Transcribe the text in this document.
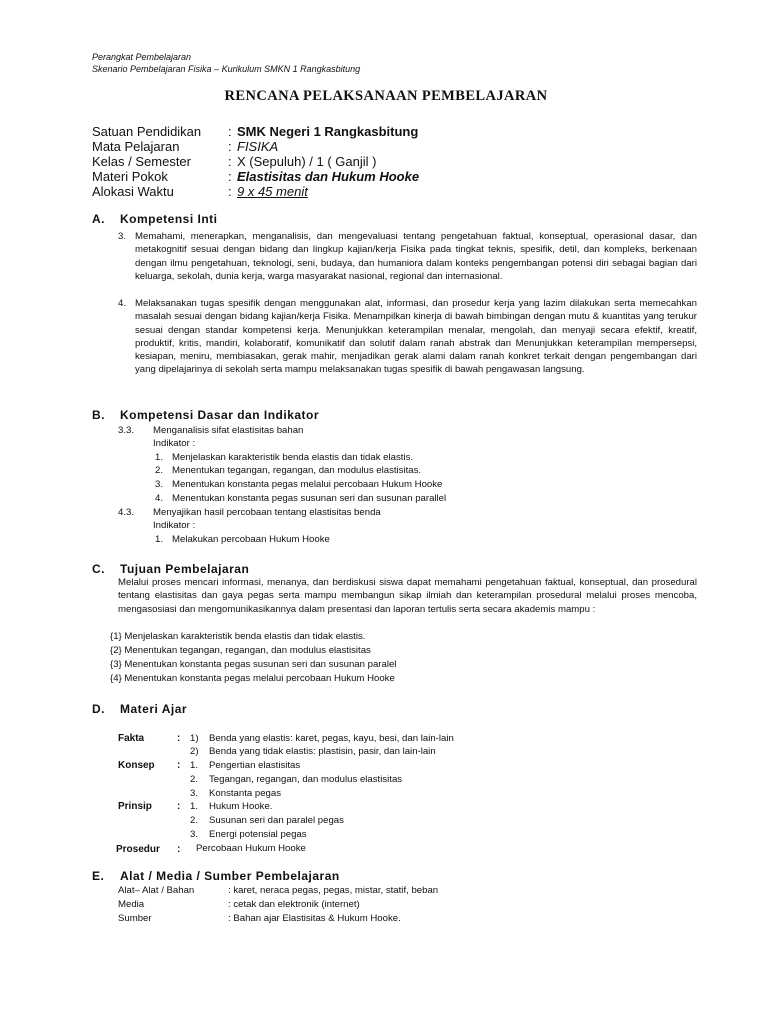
Perangkat Pembelajaran
Skenario Pembelajaran Fisika – Kurikulum SMKN 1 Rangkasbitung
RENCANA PELAKSANAAN PEMBELAJARAN
Satuan Pendidikan	: SMK Negeri 1 Rangkasbitung
Mata Pelajaran	: FISIKA
Kelas / Semester	: X (Sepuluh) / 1 ( Ganjil )
Materi Pokok	: Elastisitas dan Hukum Hooke
Alokasi Waktu	: 9 x 45 menit
A. Kompetensi Inti
3. Memahami, menerapkan, menganalisis, dan mengevaluasi tentang pengetahuan faktual, konseptual, operasional dasar, dan metakognitif sesuai dengan bidang dan lingkup kajian/kerja Fisika pada tingkat teknis, spesifik, detil, dan kompleks, berkenaan dengan ilmu pengetahuan, teknologi, seni, budaya, dan humaniora dalam konteks pengembangan potensi diri sebagai bagian dari keluarga, sekolah, dunia kerja, warga masyarakat nasional, regional dan internasional.
4. Melaksanakan tugas spesifik dengan menggunakan alat, informasi, dan prosedur kerja yang lazim dilakukan serta memecahkan masalah sesuai dengan bidang kajian/kerja Fisika. Menampilkan kinerja di bawah bimbingan dengan mutu & kuantitas yang terukur sesuai dengan standar kompetensi kerja. Menunjukkan keterampilan menalar, mengolah, dan menyaji secara efektif, kreatif, produktif, kritis, mandiri, kolaboratif, komunikatif dan solutif dalam ranah abstrak dan Menunjukkan keterampilan mempersepsi, kesiapan, meniru, membiasakan, gerak mahir, menjadikan gerak alami dalam ranah konkret terkait dengan pengembangan dari yang dipelajarinya di sekolah serta mampu melaksanakan tugas spesifik di bawah pengawasan langsung.
B. Kompetensi Dasar dan Indikator
3.3. Menganalisis sifat elastisitas bahan
Indikator :
1. Menjelaskan karakteristik benda elastis dan tidak elastis.
2. Menentukan tegangan, regangan, dan modulus elastisitas.
3. Menentukan konstanta pegas melalui percobaan Hukum Hooke
4. Menentukan konstanta pegas susunan seri dan susunan parallel
4.3. Menyajikan hasil percobaan tentang elastisitas benda
Indikator :
1. Melakukan percobaan Hukum Hooke
C. Tujuan Pembelajaran
Melalui proses mencari informasi, menanya, dan berdiskusi siswa dapat memahami pengetahuan faktual, konseptual, dan prosedural tentang elastisitas dan gaya pegas serta mampu membangun sikap ilmiah dan keterampilan prosedural melalui proses mencoba, mengasosiasi dan mengomunikasikannya dalam presentasi dan laporan tertulis serta secara akademis mampu :
{1} Menjelaskan karakteristik benda elastis dan tidak elastis.
{2} Menentukan tegangan, regangan, dan modulus elastisitas
{3} Menentukan konstanta pegas susunan seri dan susunan paralel
{4} Menentukan konstanta pegas melalui percobaan Hukum Hooke
D. Materi Ajar
Fakta	: 1) Benda yang elastis: karet, pegas, kayu, besi, dan lain-lain
2) Benda yang tidak elastis: plastisin, pasir, dan lain-lain
Konsep : 1. Pengertian elastisitas
2. Tegangan, regangan, dan modulus elastisitas
3. Konstanta pegas
Prinsip	: 1. Hukum Hooke.
2. Susunan seri dan paralel pegas
3. Energi potensial pegas
Prosedur : Percobaan Hukum Hooke
E. Alat / Media / Sumber Pembelajaran
Alat– Alat / Bahan	: karet, neraca pegas, pegas, mistar, statif, beban
Media	: cetak dan elektronik (internet)
Sumber	: Bahan ajar Elastisitas & Hukum Hooke.
